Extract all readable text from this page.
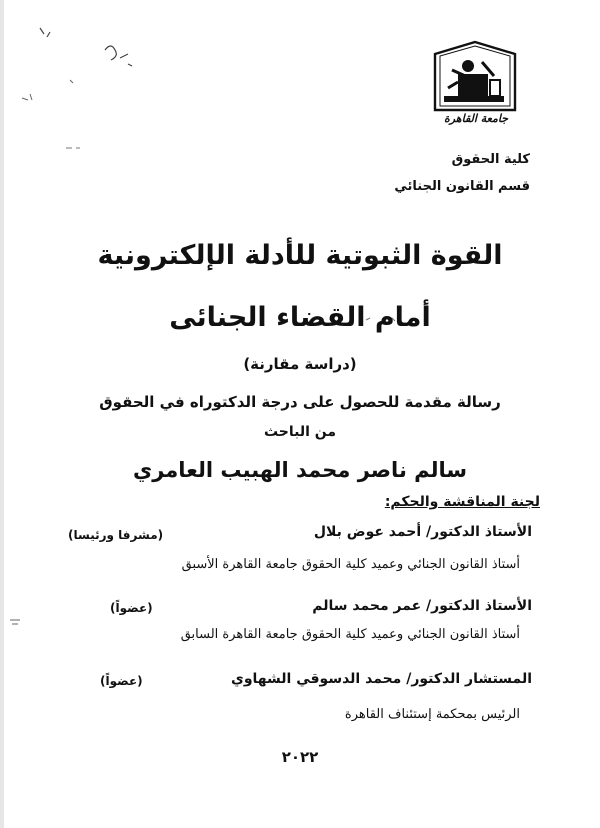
جامعة القاهرة
كلية الحقوق
قسم القانون الجنائي
القوة الثبوتية للأدلة الإلكترونية
أمام القضاء الجنائى
(دراسة مقارنة)
رسالة مقدمة للحصول على درجة الدكتوراه في الحقوق
من الباحث
سالم ناصر محمد الهبيب العامري
لجنة المناقشة والحكم:
الأستاذ الدكتور/ أحمد عوض بلال
(مشرفا ورئيسا)
أستاذ القانون الجنائي وعميد كلية الحقوق جامعة القاهرة الأسبق
الأستاذ الدكتور/ عمر محمد سالم
(عضواً)
أستاذ القانون الجنائي وعميد كلية الحقوق جامعة القاهرة السابق
المستشار الدكتور/ محمد الدسوقي الشهاوي
(عضواً)
الرئيس بمحكمة إستئناف القاهرة
٢٠٢٢
